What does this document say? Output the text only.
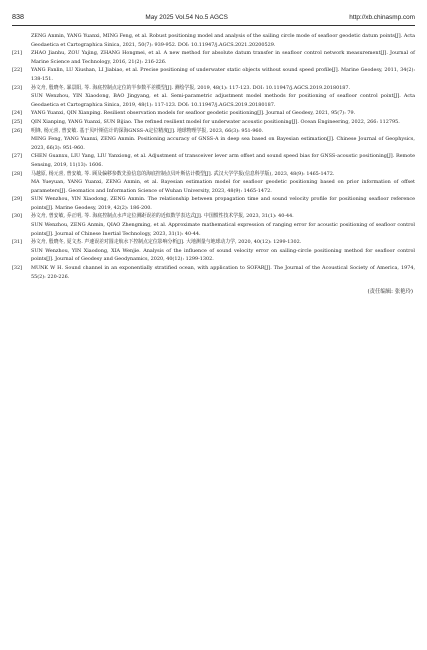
838	May 2025 Vol.54 No.5 AGCS	http://xb.chinasmp.com
ZENG Anmin, YANG Yuanxi, MING Feng, et al. Robust positioning model and analysis of the sailing circle mode of seafloor geodetic datum points[J]. Acta Geodaetica et Cartographica Sinica, 2021, 50(7): 939-952. DOI: 10.11947/j.AGCS.2021.20200529.
[21]	ZHAO Jianhu, ZOU Yajing, ZHANG Hongmei, et al. A new method for absolute datum transfer in seafloor control network measurement[J]. Journal of Marine Science and Technology, 2016, 21(2): 216-226.
[22]	YANG Fanlin, LU Xiushan, LI Jiabiao, et al. Precise positioning of underwater static objects without sound speed profile[J]. Marine Geodesy, 2011, 34(2): 138-151.
[23]	孙文舟, 殷晓冬, 暴景阳, 等. 海底控制点定位的半参数平差模型[J]. 测绘学报, 2019, 48(1): 117-123. DOI: 10.11947/j.AGCS.2019.20180187.
SUN Wenzhou, YIN Xiaodong, BAO Jingyang, et al. Semi-parametric adjustment model methods for positioning of seafloor control point[J]. Acta Geodaetica et Cartographica Sinica, 2019, 48(1): 117-123. DOI: 10.11947/j.AGCS.2019.20180187.
[24]	YANG Yuanxi, QIN Xianping. Resilient observation models for seafloor geodetic positioning[J]. Journal of Geodesy, 2021, 95(7): 79.
[25]	QIN Xianping, YANG Yuanxi, SUN Bijiao. The refined resilient model for underwater acoustic positioning[J]. Ocean Engineering, 2022, 266: 112795.
[26]	明锋, 杨元喜, 曾安敏. 基于贝叶斯估计的深海GNSS-A定位精度[J]. 地球物理学报, 2023, 66(3): 951-960.
MING Feng, YANG Yuanxi, ZENG Anmin. Positioning accuracy of GNSS-A in deep sea based on Bayesian estimation[J]. Chinese Journal of Geophysics, 2023, 66(3): 951-960.
[27]	CHEN Guanxu, LIU Yang, LIU Yanxiong, et al. Adjustment of transceiver lever arm offset and sound speed bias for GNSS-acoustic positioning[J]. Remote Sensing, 2019, 11(13): 1606.
[28]	马越原, 杨元喜, 曾安敏, 等. 顾及偏移参数先验信息的海底控制点贝叶斯估计模型[J]. 武汉大学学报(信息科学版), 2023, 48(9): 1465-1472.
MA Yueyuan, YANG Yuanxi, ZENG Anmin, et al. Bayesian estimation model for seafloor geodetic positioning based on prior information of offset parameters[J]. Geomatics and Information Science of Wuhan University, 2023, 48(9): 1465-1472.
[29]	SUN Wenzhou, YIN Xiaodong, ZENG Anmin. The relationship between propagation time and sound velocity profile for positioning seafloor reference points[J]. Marine Geodesy, 2019, 42(2): 186-200.
[30]	孙文舟, 曾安敏, 乔正明, 等. 海底控制点水声定位测距误差的近似数学表达式[J]. 中国惯性技术学报, 2023, 31(1): 40-44.
SUN Wenzhou, ZENG Anmin, QIAO Zhengming, et al. Approximate mathematical expression of ranging error for acoustic positioning of seafloor control points[J]. Journal of Chinese Inertial Technology, 2023, 31(1): 40-44.
[31]	孙文舟, 殷晓冬, 夏文杰. 声速误差对圆走航水下控制点定位影响分析[J]. 大地测量与地球动力学, 2020, 40(12): 1299-1302.
SUN Wenzhou, YIN Xiaodong, XIA Wenjie. Analysis of the influence of sound velocity error on sailing-circle positioning method for seafloor control points[J]. Journal of Geodesy and Geodynamics, 2020, 40(12): 1299-1302.
[32]	MUNK W H. Sound channel in an exponentially stratified ocean, with application to SOFAR[J]. The Journal of the Acoustical Society of America, 1974, 55(2): 220-226.
(责任编辑: 张艳玲)
